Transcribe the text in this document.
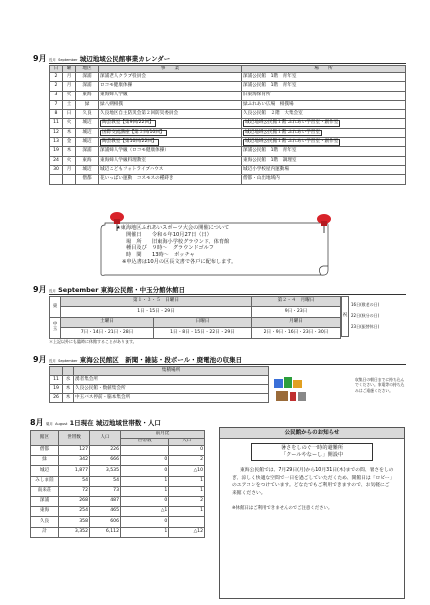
9月 長月 September 城辺地域公民館事業カレンダー
日	曜	地区	事　　業	場　　所
2	月	深浦	深浦老人クラブ役員会	深浦公民館　1階　青年室
2	月	深浦	ロコモ健康体操	深浦公民館　1階　青年室
3	火	東海	東海婦人学級	旧東海保育所
7	土	緑	緑八朔相撲	緑ふれあい広場　相撲場
8	日	久良	久良地区自主防災会第２回防災委員会	久良公民館　２階　大集会室
11	火	城辺	陶芸教室【第9回/22回】	城辺地域公民館１階 ふれあい学習室・創作室
12	木	城辺	国際交流講座【第３回/10回】	城辺地域公民館１階 ふれあい学習室
13	金	城辺	陶芸教室【第10回/22回】	城辺地域公民館１階 ふれあい学習室・創作室
19	木	深浦	深浦婦人学級（ロコモ健康体操）	深浦公民館　1階　青年室
24	火	東海	東海婦人学級料理教室	東海公民館　1階　調理室
30	月	城辺	城辺こどもフォトライブハウス	城辺小学校屋内運動場
		僧都	花いっぱい運動　コスモスの種蒔き	僧都・山出地域内
★東海地区ふれあいスポーツ大会の開催について
開催日　　令和６年10月27日（日）
場　所　　旧東海小学校グラウンド、体育館
種目及び　９時～　グラウンドゴルフ
時　間　　13時～　ボッチャ
※申込書は10月の区長文書で各戸に配布します。
9月 長月 September 東海公民館・中玉分館休館日
東	第１・３・５　日曜日		第２・４　月曜日
	1日・15日・29日		9日・23日
中
玉	土曜日	日曜日	月曜日
	7日・14日・21日・28日	1日・8日・15日・22日・29日	2日・9日・16日・23日・30日
祝
16日(敬老の日)
22日(秋分の日)
23日(振替休日)
＊上記以外にも臨時に休館することがあります。
9月 長月 September 東海公民館区　新聞・雑誌・段ボール・廃電池の収集日
		集積場所
11	水	湧者集会所
19	木	久良公民館・数値集会所
26	木	中玉バス停前・脇本集会所
収集日の朝日までに持ち込んでください。家電等の持ち込みはご遠慮ください。
8月 葉月 August 1日現在 城辺地域世帯数・人口
館区	世帯数	人口	前月比	
			世帯数	人口
僧都	127	226		0
緑	342	666	0	2
城辺	1,877	3,535	0	△10
みしま陸	54	54	1	1
南来荘	72	73	1	1
深浦	268	487	0	2
東海	254	465	△1	1
久良	358	606	0	
計	3,352	6,112	1	△12
公民館からのお知らせ
暑さをしのぐ一時的避難所
「クールやなーし」開設中
東海公民館では、7月29日(月)から10月31日(木)までの間、暑さをしのぎ、涼しく快適な空間で一日を過ごしていただくため、開館日は「ロビー」のエアコンをつけています。どなたでもご利用できますので、お気軽にご来館ください。
※休館日はご利用できませんのでご注意ください。
